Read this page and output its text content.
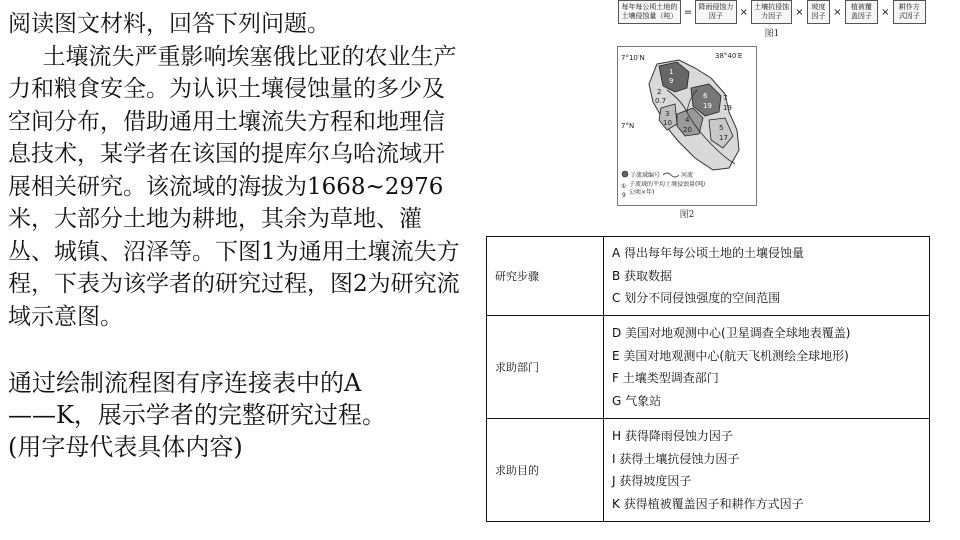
阅读图文材料，回答下列问题。

土壤流失严重影响埃塞俄比亚的农业生产力和粮食安全。为认识土壤侵蚀量的多少及空间分布，借助通用土壤流失方程和地理信息技术，某学者在该国的提库尔乌哈流域开展相关研究。该流域的海拔为1668~2976米，大部分土地为耕地，其余为草地、灌丛、城镇、沼泽等。下图1为通用土壤流失方程，下表为该学者的研究过程，图2为研究流域示意图。

通过绘制流程图有序连接表中的A——K，展示学者的完整研究过程。(用字母代表具体内容)
每年每公顷土地的土壤侵蚀量（吨） = 降雨侵蚀力因子	× 土壤抗侵蚀力因子	×	坡度因子 ×	植被覆盖因子 ×	耕作方式因子
图1
7°10′N
7°N
38°40′E
1
9
2
0.7
3
10 4
20	5
17
6
19
7
19
子流域编号	河流
①
9
子流域的平均土壤侵蚀量(吨/公顷×年)
图2
研究步骤	A 得出每年每公顷土地的土壤侵蚀量
B 获取数据
C 划分不同侵蚀强度的空间范围

求助部门	D 美国对地观测中心(卫星调查全球地表覆盖)
E 美国对地观测中心(航天飞机测绘全球地形)
F 土壤类型调查部门
G 气象站

求助目的	H 获得降雨侵蚀力因子
I 获得土壤抗侵蚀力因子
J 获得坡度因子
K 获得植被覆盖因子和耕作方式因子
